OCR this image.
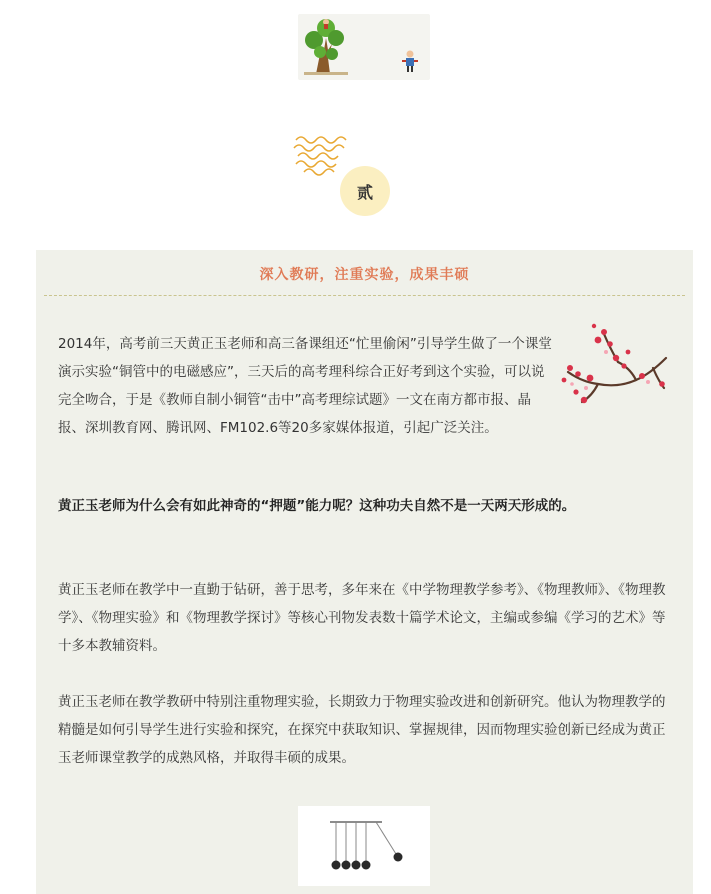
贰
深入教研，注重实验，成果丰硕

2014年，高考前三天黄正玉老师和高三备课组还“忙里偷闲”引导学生做了一个课堂演示实验“铜管中的电磁感应”，三天后的高考理科综合正好考到这个实验，可以说完全吻合，于是《教师自制小铜管“击中”高考理综试题》一文在南方都市报、晶报、深圳教育网、腾讯网、FM102.6等20多家媒体报道，引起广泛关注。

黄正玉老师为什么会有如此神奇的“押题”能力呢？这种功夫自然不是一天两天形成的。

黄正玉老师在教学中一直勤于钻研，善于思考，多年来在《中学物理教学参考》、《物理教师》、《物理教学》、《物理实验》和《物理教学探讨》等核心刊物发表数十篇学术论文，主编或参编《学习的艺术》等十多本教辅资料。

黄正玉老师在教学教研中特别注重物理实验，长期致力于物理实验改进和创新研究。他认为物理教学的精髓是如何引导学生进行实验和探究，在探究中获取知识、掌握规律，因而物理实验创新已经成为黄正玉老师课堂教学的成熟风格，并取得丰硕的成果。
